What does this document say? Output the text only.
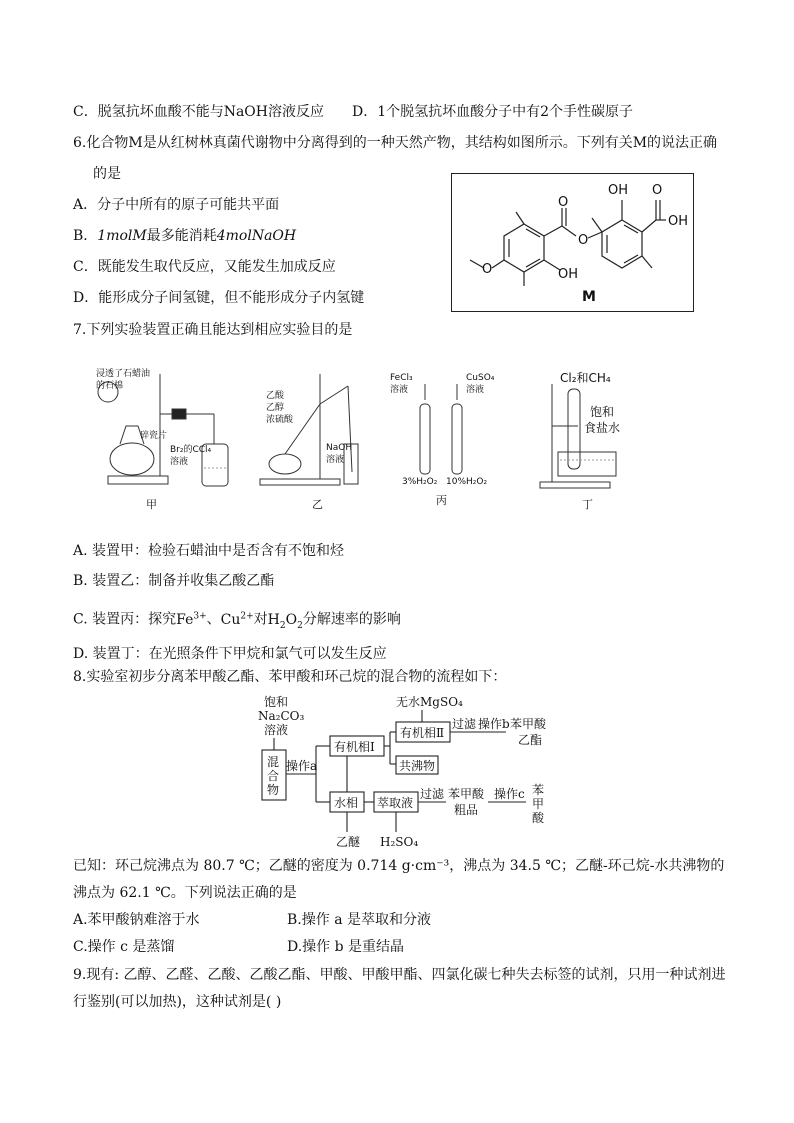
C．脱氢抗坏血酸不能与NaOH溶液反应 D．1个脱氢抗坏血酸分子中有2个手性碳原子
6.化合物M是从红树林真菌代谢物中分离得到的一种天然产物，其结构如图所示。下列有关M的说法正确
的是
A．分子中所有的原子可能共平面
B．1molM最多能消耗4molNaOH
C．既能发生取代反应，又能发生加成反应
D．能形成分子间氢键，但不能形成分子内氢键
OH O
OH
O
O
OH
O
M
7.下列实验装置正确且能达到相应实验目的是
浸透了石蜡油
的石棉
碎瓷片
Br₂的CCl₄
溶液
乙酸
乙醇
浓硫酸
NaOH
溶液
FeCl₃
溶液
CuSO₄
溶液
3%H₂O₂ 10%H₂O₂
Cl₂和CH₄
饱和
食盐水
甲	乙	丙	丁
A. 装置甲：检验石蜡油中是否含有不饱和烃
B. 装置乙：制备并收集乙酸乙酯
C. 装置丙：探究$Fe^{3+}$、$Cu^{2+}$对$H_2O_2$分解速率的影响
D. 装置丁：在光照条件下甲烷和氯气可以发生反应
8.实验室初步分离苯甲酸乙酯、苯甲酸和环己烷的混合物的流程如下：
饱和
Na₂CO₃
溶液
混
合
物
操作a
有机相Ⅰ
水相
乙醚
无水MgSO₄
有机相Ⅱ
共沸物
过滤 操作b 苯甲酸
乙酯
萃取液
H₂SO₄
过滤 苯甲酸
粗品
操作c 苯
甲
酸
已知：环己烷沸点为 80.7 ℃；乙醚的密度为 0.714 g·cm⁻³，沸点为 34.5 ℃；乙醚-环己烷-水共沸物的
沸点为 62.1 ℃。下列说法正确的是
A.苯甲酸钠难溶于水	B.操作 a 是萃取和分液
C.操作 c 是蒸馏	D.操作 b 是重结晶
9.现有: 乙醇、乙醛、乙酸、乙酸乙酯、甲酸、甲酸甲酯、四氯化碳七种失去标签的试剂，只用一种试剂进
行鉴别(可以加热)，这种试剂是( )
